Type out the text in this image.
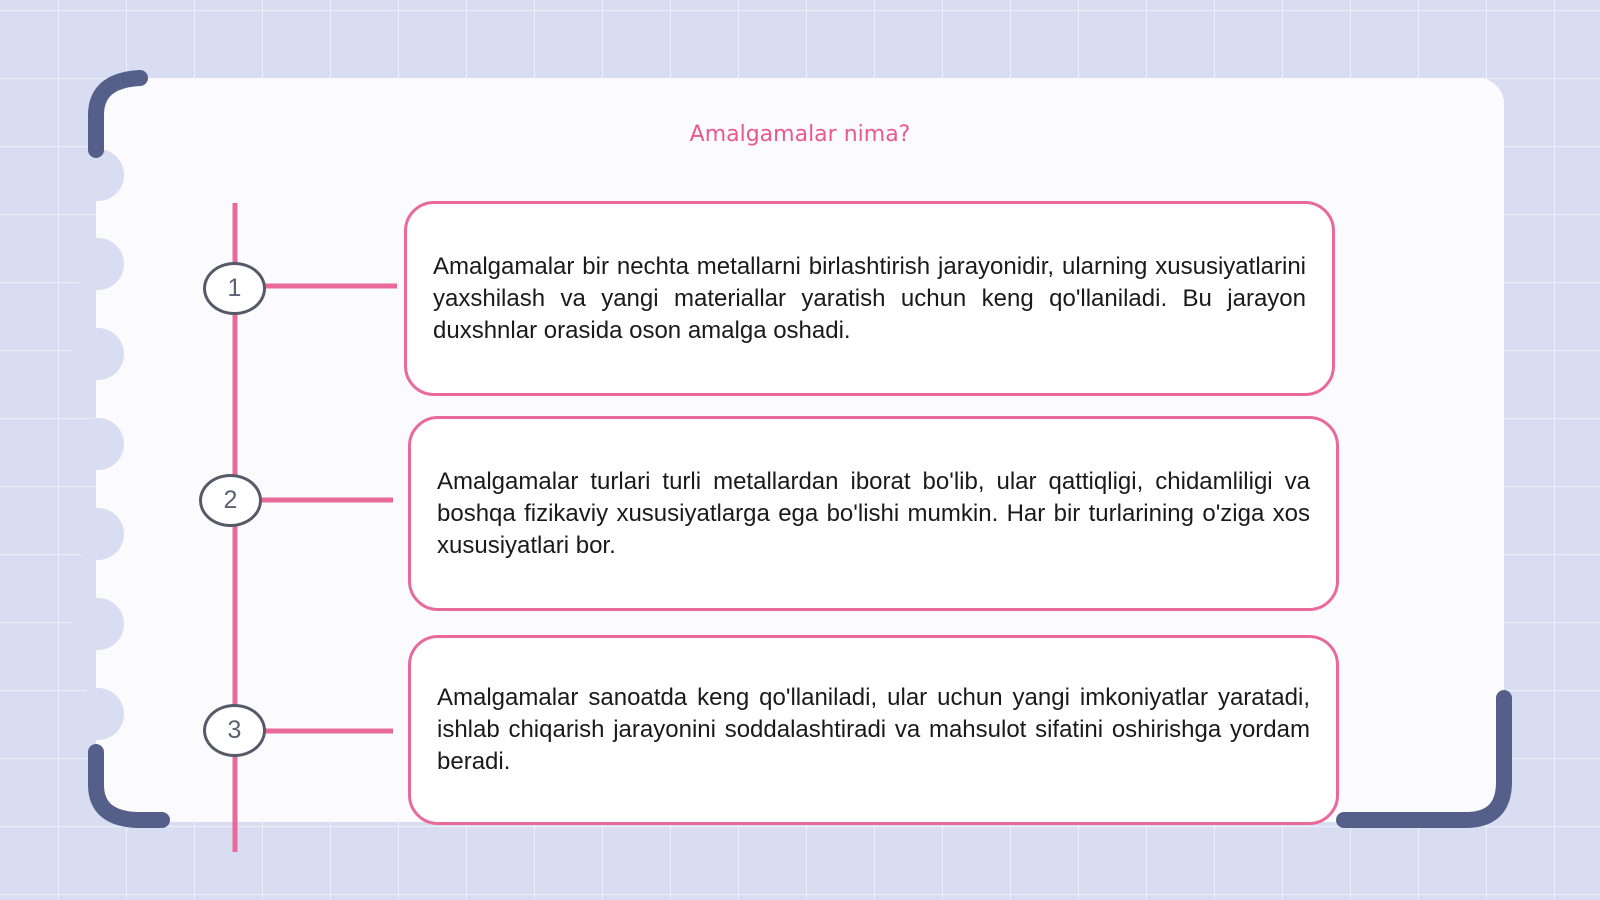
Amalgamalar nima?
1
2
3

Amalgamalar bir nechta metallarni birlashtirish jarayonidir, ularning xususiyatlarini yaxshilash va yangi materiallar yaratish uchun keng qo'llaniladi. Bu jarayon duxshnlar orasida oson amalga oshadi.

Amalgamalar turlari turli metallardan iborat bo'lib, ular qattiqligi, chidamliligi va boshqa fizikaviy xususiyatlarga ega bo'lishi mumkin. Har bir turlarining o'ziga xos xususiyatlari bor.

Amalgamalar sanoatda keng qo'llaniladi, ular uchun yangi imkoniyatlar yaratadi, ishlab chiqarish jarayonini soddalashtiradi va mahsulot sifatini oshirishga yordam beradi.
